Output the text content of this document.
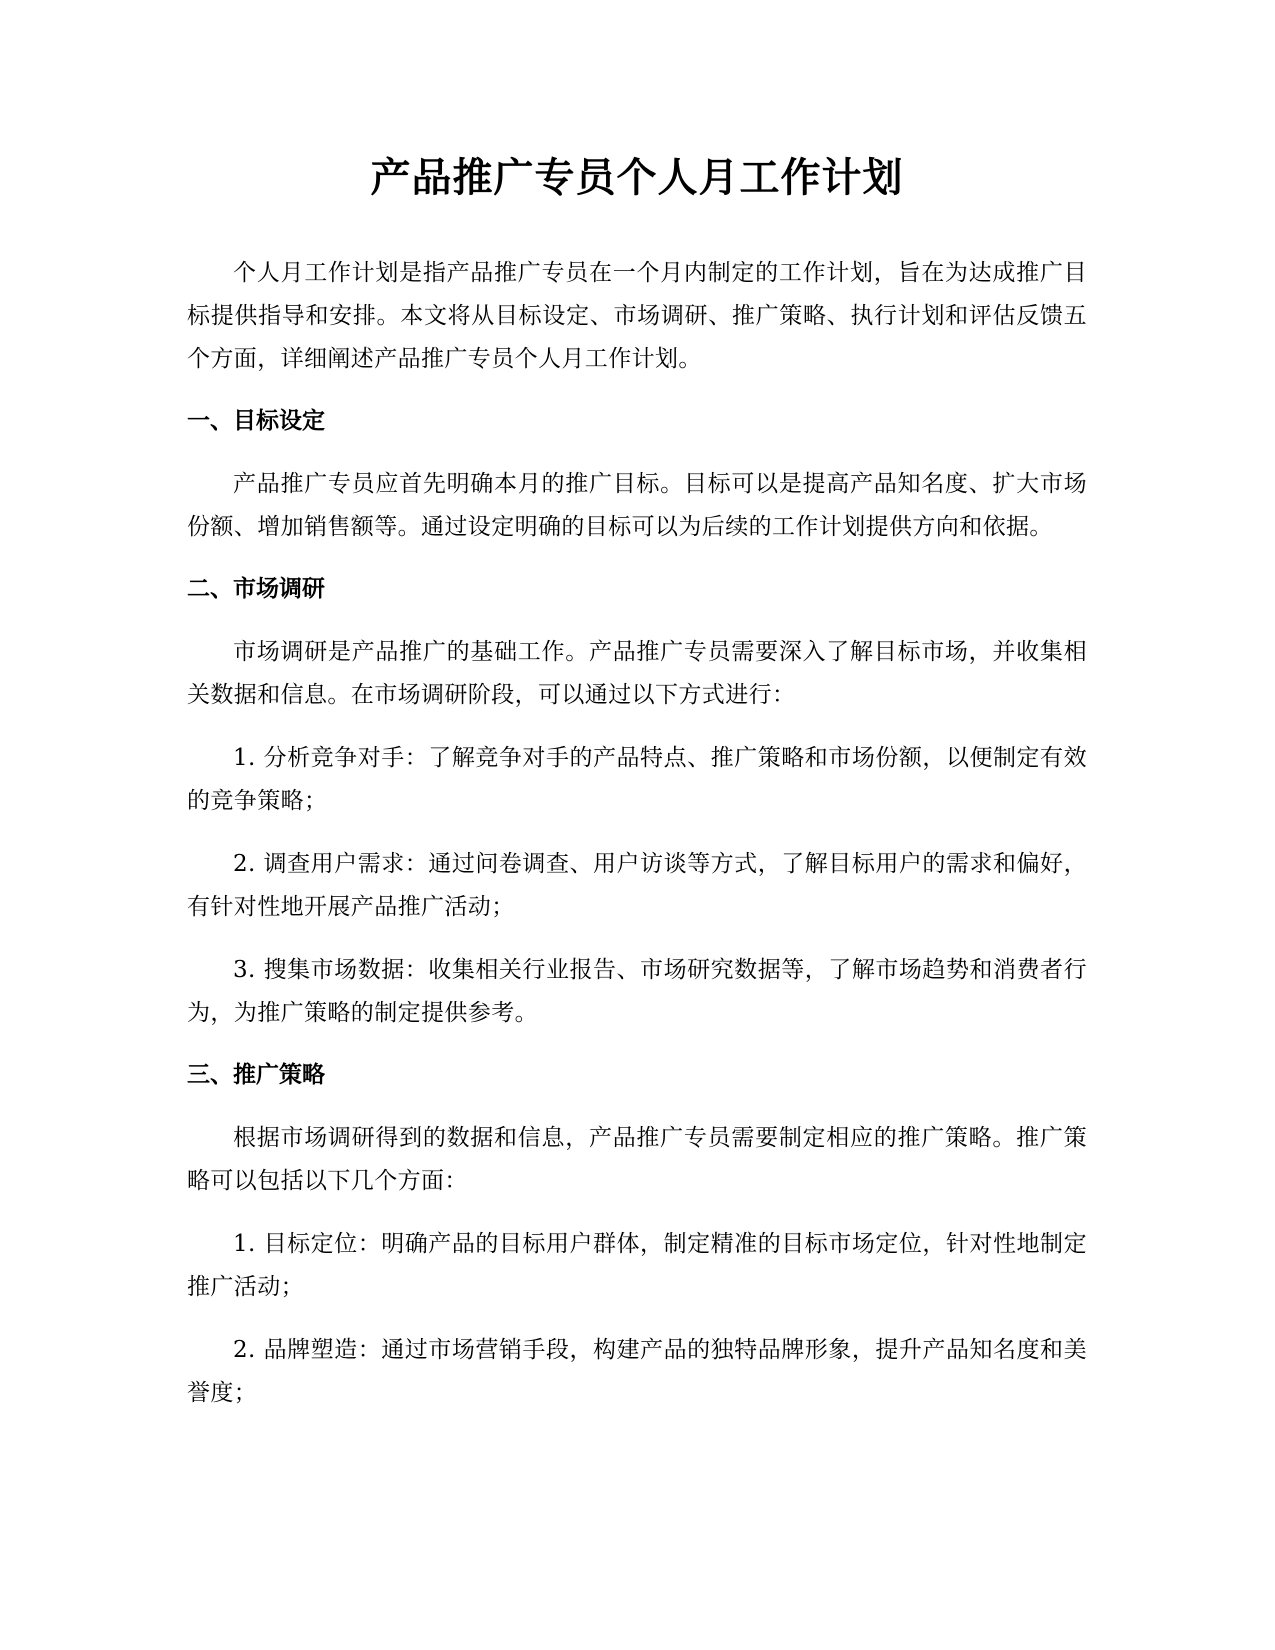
产品推广专员个人月工作计划

个人月工作计划是指产品推广专员在一个月内制定的工作计划，旨在为达成推广目标提供指导和安排。本文将从目标设定、市场调研、推广策略、执行计划和评估反馈五个方面，详细阐述产品推广专员个人月工作计划。

一、目标设定

产品推广专员应首先明确本月的推广目标。目标可以是提高产品知名度、扩大市场份额、增加销售额等。通过设定明确的目标可以为后续的工作计划提供方向和依据。

二、市场调研

市场调研是产品推广的基础工作。产品推广专员需要深入了解目标市场，并收集相关数据和信息。在市场调研阶段，可以通过以下方式进行：

1. 分析竞争对手：了解竞争对手的产品特点、推广策略和市场份额，以便制定有效的竞争策略；

2. 调查用户需求：通过问卷调查、用户访谈等方式，了解目标用户的需求和偏好，有针对性地开展产品推广活动；

3. 搜集市场数据：收集相关行业报告、市场研究数据等，了解市场趋势和消费者行为，为推广策略的制定提供参考。

三、推广策略

根据市场调研得到的数据和信息，产品推广专员需要制定相应的推广策略。推广策略可以包括以下几个方面：

1. 目标定位：明确产品的目标用户群体，制定精准的目标市场定位，针对性地制定推广活动；

2. 品牌塑造：通过市场营销手段，构建产品的独特品牌形象，提升产品知名度和美誉度；
